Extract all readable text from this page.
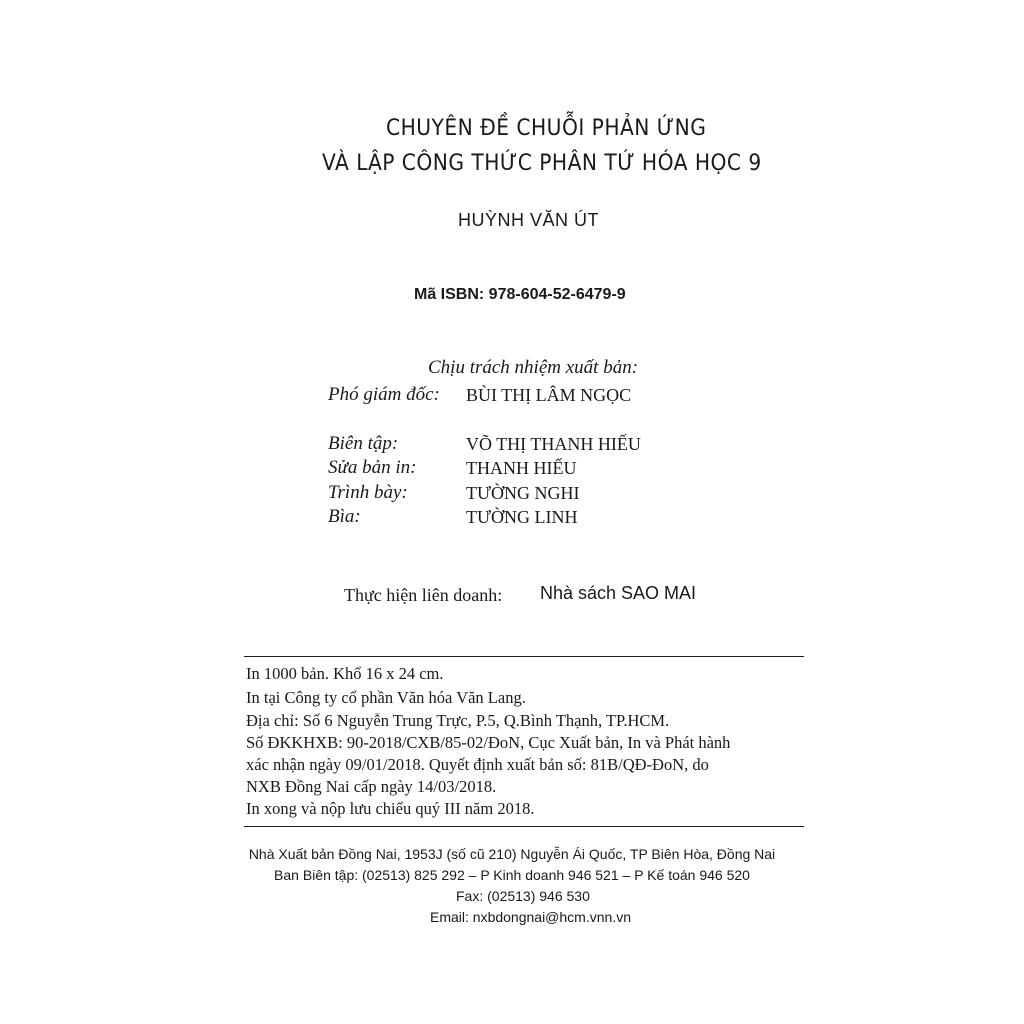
CHUYÊN ĐỀ CHUỖI PHẢN ỨNG
VÀ LẬP CÔNG THỨC PHÂN TỬ HÓA HỌC 9
HUỲNH VĂN ÚT
Mã ISBN: 978-604-52-6479-9
Chịu trách nhiệm xuất bản:
Phó giám đốc: BÙI THỊ LÂM NGỌC
Biên tập:	VÕ THỊ THANH HIẾU
Sửa bản in:	THANH HIẾU
Trình bày:	TƯỜNG NGHI
Bìa:	TƯỜNG LINH
Thực hiện liên doanh: Nhà sách SAO MAI
In 1000 bản. Khổ 16 x 24 cm.
In tại Công ty cổ phần Văn hóa Văn Lang.
Địa chỉ: Số 6 Nguyễn Trung Trực, P.5, Q.Bình Thạnh, TP.HCM.
Số ĐKKHXB: 90-2018/CXB/85-02/ĐoN, Cục Xuất bản, In và Phát hành
xác nhận ngày 09/01/2018. Quyết định xuất bản số: 81B/QĐ-ĐoN, do
NXB Đồng Nai cấp ngày 14/03/2018.
In xong và nộp lưu chiểu quý III năm 2018.
Nhà Xuất bản Đồng Nai, 1953J (số cũ 210) Nguyễn Ái Quốc, TP Biên Hòa, Đồng Nai
Ban Biên tập: (02513) 825 292 – P Kinh doanh 946 521 – P Kế toán 946 520
Fax: (02513) 946 530
Email: nxbdongnai@hcm.vnn.vn
